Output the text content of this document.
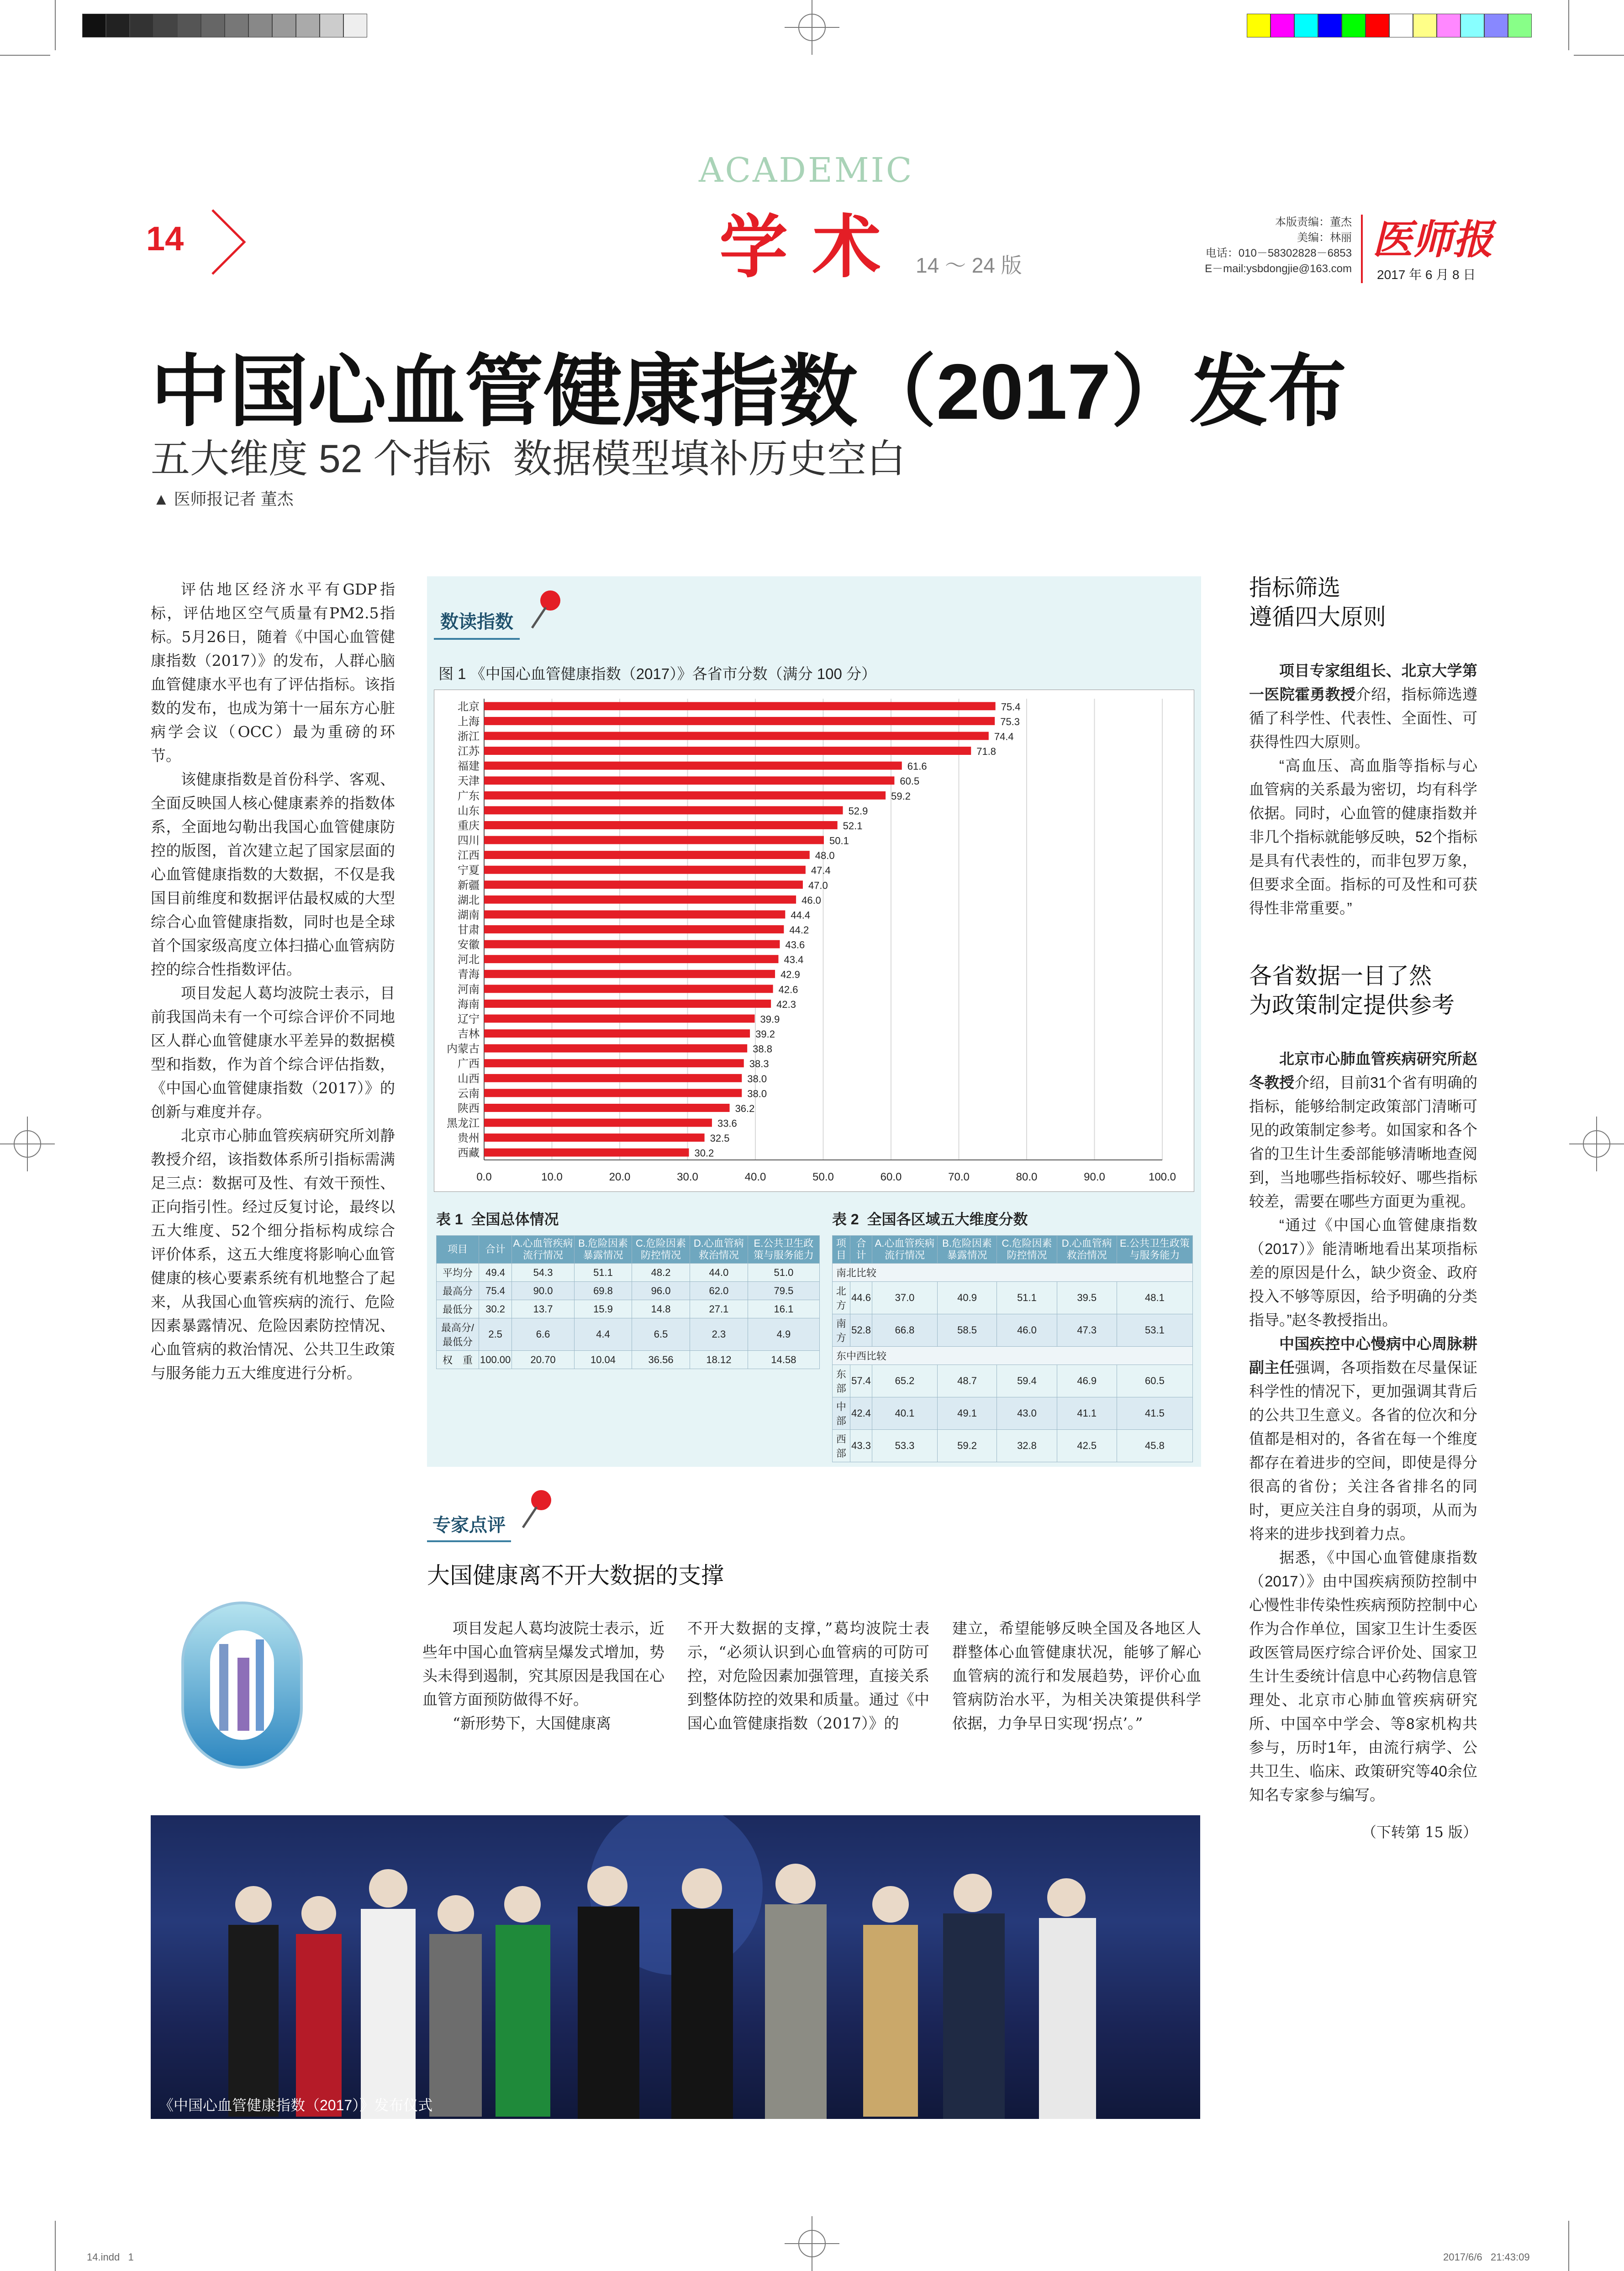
14
ACADEMIC
学 术 14 ～ 24 版
本版责编：董杰
美编：林丽
电话：010－58302828－6853
E－mail:ysbdongjie@163.com
医师报
2017 年 6 月 8 日
中国心血管健康指数（2017）发布
五大维度 52 个指标  数据模型填补历史空白
▲ 医师报记者 董杰

评估地区经济水平有GDP指标，评估地区空气质量有PM2.5指标。5月26日，随着《中国心血管健康指数（2017）》的发布，人群心脑血管健康水平也有了评估指标。该指数的发布，也成为第十一届东方心脏病学会议（OCC）最为重磅的环节。

该健康指数是首份科学、客观、全面反映国人核心健康素养的指数体系，全面地勾勒出我国心血管健康防控的版图，首次建立起了国家层面的心血管健康指数的大数据，不仅是我国目前维度和数据评估最权威的大型综合心血管健康指数，同时也是全球首个国家级高度立体扫描心血管病防控的综合性指数评估。

项目发起人葛均波院士表示，目前我国尚未有一个可综合评价不同地区人群心血管健康水平差异的数据模型和指数，作为首个综合评估指数，《中国心血管健康指数（2017）》的创新与难度并存。

北京市心肺血管疾病研究所刘静教授介绍，该指数体系所引指标需满足三点：数据可及性、有效干预性、正向指引性。经过反复讨论，最终以五大维度、52个细分指标构成综合评价体系，这五大维度将影响心血管健康的核心要素系统有机地整合了起来，从我国心血管疾病的流行、危险因素暴露情况、危险因素防控情况、心血管病的救治情况、公共卫生政策与服务能力五大维度进行分析。

数读指数
图 1 《中国心血管健康指数（2017）》各省市分数（满分 100 分）
0.0	10.0	20.0	30.0	40.0	50.0	60.0	70.0	80.0	90.0	100.0
北京	75.4
上海	75.3
浙江	74.4
江苏	71.8
福建	61.6
天津	60.5
广东	59.2
山东	52.9
重庆	52.1
四川	50.1
江西	48.0
宁夏	47.4
新疆	47.0
湖北	46.0
湖南	44.4
甘肃	44.2
安徽	43.6
河北	43.4
青海	42.9
河南	42.6
海南	42.3
辽宁	39.9
吉林	39.2
内蒙古	38.8
广西	38.3
山西	38.0
云南	38.0
陕西	36.2
黑龙江	33.6
贵州	32.5
西藏	30.2
表 1  全国总体情况
项目	合计	A.心血管疾病流行情况	B.危险因素暴露情况	C.危险因素防控情况	D.心血管病救治情况	E.公共卫生政策与服务能力
平均分	49.4	54.3	51.1	48.2	44.0	51.0
最高分	75.4	90.0	69.8	96.0	62.0	79.5
最低分	30.2	13.7	15.9	14.8	27.1	16.1
最高分/最低分	2.5	6.6	4.4	6.5	2.3	4.9
权　重	100.00	20.70	10.04	36.56	18.12	14.58
表 2  全国各区域五大维度分数
项目	合计	A.心血管疾病流行情况	B.危险因素暴露情况	C.危险因素防控情况	D.心血管病救治情况	E.公共卫生政策与服务能力
南北比较						
北方	44.6	37.0	40.9	51.1	39.5	48.1
南方	52.8	66.8	58.5	46.0	47.3	53.1
东中西比较						
东部	57.4	65.2	48.7	59.4	46.9	60.5
中部	42.4	40.1	49.1	43.0	41.1	41.5
西部	43.3	53.3	59.2	32.8	42.5	45.8
专家点评
大国健康离不开大数据的支撑

项目发起人葛均波院士表示，近些年中国心血管病呈爆发式增加，势头未得到遏制，究其原因是我国在心血管方面预防做得不好。

“新形势下，大国健康离

不开大数据的支撑，”葛均波院士表示，“必须认识到心血管病的可防可控，对危险因素加强管理，直接关系到整体防控的效果和质量。通过《中国心血管健康指数（2017）》的

建立，希望能够反映全国及各地区人群整体心血管健康状况，能够了解心血管病的流行和发展趋势，评价心血管病防治水平，为相关决策提供科学依据，力争早日实现‘拐点’。”

《中国心血管健康指数（2017）》发布仪式
指标筛选
遵循四大原则

项目专家组组长、北京大学第一医院霍勇教授介绍，指标筛选遵循了科学性、代表性、全面性、可获得性四大原则。

“高血压、高血脂等指标与心血管病的关系最为密切，均有科学依据。同时，心血管的健康指数并非几个指标就能够反映，52个指标是具有代表性的，而非包罗万象，但要求全面。指标的可及性和可获得性非常重要。”

各省数据一目了然
为政策制定提供参考

北京市心肺血管疾病研究所赵冬教授介绍，目前31个省有明确的指标，能够给制定政策部门清晰可见的政策制定参考。如国家和各个省的卫生计生委部能够清晰地查阅到，当地哪些指标较好、哪些指标较差，需要在哪些方面更为重视。

“通过《中国心血管健康指数（2017）》能清晰地看出某项指标差的原因是什么，缺少资金、政府投入不够等原因，给予明确的分类指导。”赵冬教授指出。

中国疾控中心慢病中心周脉耕副主任强调，各项指数在尽量保证科学性的情况下，更加强调其背后的公共卫生意义。各省的位次和分值都是相对的，各省在每一个维度都存在着进步的空间，即使是得分很高的省份；关注各省排名的同时，更应关注自身的弱项，从而为将来的进步找到着力点。

据悉，《中国心血管健康指数（2017）》由中国疾病预防控制中心慢性非传染性疾病预防控制中心作为合作单位，国家卫生计生委医政医管局医疗综合评价处、国家卫生计生委统计信息中心药物信息管理处、北京市心肺血管疾病研究所、中国卒中学会、等8家机构共参与，历时1年，由流行病学、公共卫生、临床、政策研究等40余位知名专家参与编写。

（下转第 15 版）
14.indd   1	2017/6/6   21:43:09
